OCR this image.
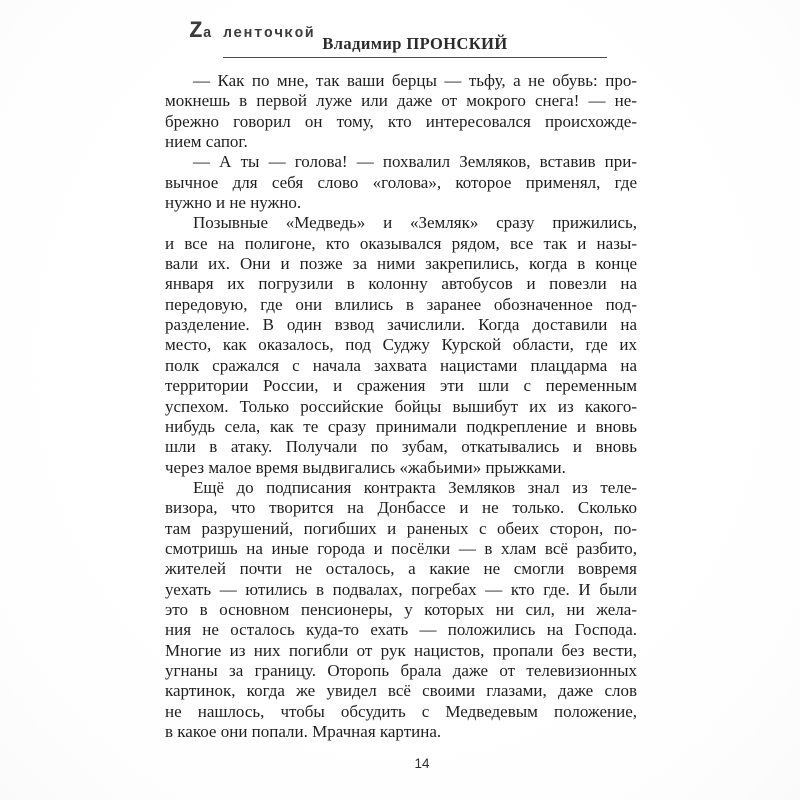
Z а ленточкой Владимир ПРОНСКИЙ

— Как по мне, так ваши берцы — тьфу, а не обувь: про-
мокнешь в первой луже или даже от мокрого снега! — не-
брежно говорил он тому, кто интересовался происхожде-
нием сапог.

— А ты — голова! — похвалил Земляков, вставив при-
вычное для себя слово «голова», которое применял, где
нужно и не нужно.

Позывные «Медведь» и «Земляк» сразу прижились,
и все на полигоне, кто оказывался рядом, все так и назы-
вали их. Они и позже за ними закрепились, когда в конце
января их погрузили в колонну автобусов и повезли на
передовую, где они влились в заранее обозначенное под-
разделение. В один взвод зачислили. Когда доставили на
место, как оказалось, под Суджу Курской области, где их
полк сражался с начала захвата нацистами плацдарма на
территории России, и сражения эти шли с переменным
успехом. Только российские бойцы вышибут их из какого-
нибудь села, как те сразу принимали подкрепление и вновь
шли в атаку. Получали по зубам, откатывались и вновь
через малое время выдвигались «жабьими» прыжками.

Ещё до подписания контракта Земляков знал из теле-
визора, что творится на Донбассе и не только. Сколько
там разрушений, погибших и раненых с обеих сторон, по-
смотришь на иные города и посёлки — в хлам всё разбито,
жителей почти не осталось, а какие не смогли вовремя
уехать — ютились в подвалах, погребах — кто где. И были
это в основном пенсионеры, у которых ни сил, ни жела-
ния не осталось куда-то ехать — положились на Господа.
Многие из них погибли от рук нацистов, пропали без вести,
угнаны за границу. Оторопь брала даже от телевизионных
картинок, когда же увидел всё своими глазами, даже слов
не нашлось, чтобы обсудить с Медведевым положение,
в какое они попали. Мрачная картина.

14
